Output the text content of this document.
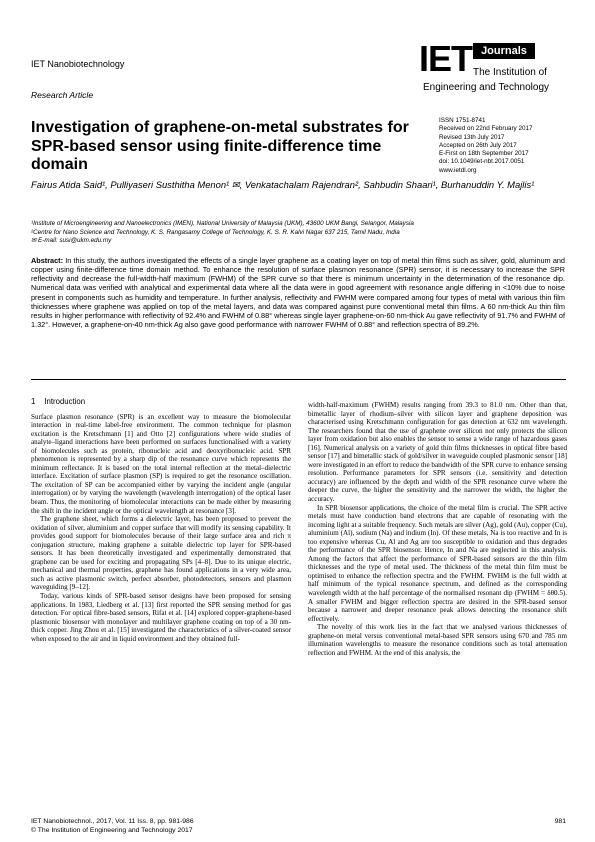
IET Nanobiotechnology
Research Article
IET Journals
The Institution of
Engineering and Technology
Investigation of graphene-on-metal substrates for SPR-based sensor using finite-difference time domain
ISSN 1751-8741
Received on 22nd February 2017
Revised 13th July 2017
Accepted on 26th July 2017
E-First on 18th September 2017
doi: 10.1049/iet-nbt.2017.0051
www.ietdl.org
Fairus Atida Said¹, Pulliyaseri Susthitha Menon¹ ✉, Venkatachalam Rajendran², Sahbudin Shaari¹, Burhanuddin Y. Majlis¹
¹Institute of Microengineering and Nanoelectronics (IMEN), National University of Malaysia (UKM), 43600 UKM Bangi, Selangor, Malaysia
²Centre for Nano Science and Technology, K. S. Rangasamy College of Technology, K. S. R. Kalvi Nagar 637 215, Tamil Nadu, India
✉ E-mail: susi@ukm.edu.my
Abstract: In this study, the authors investigated the effects of a single layer graphene as a coating layer on top of metal thin films such as silver, gold, aluminum and copper using finite-difference time domain method. To enhance the resolution of surface plasmon resonance (SPR) sensor, it is necessary to increase the SPR reflectivity and decrease the full-width-half maximum (FWHM) of the SPR curve so that there is minimum uncertainty in the determination of the resonance dip. Numerical data was verified with analytical and experimental data where all the data were in good agreement with resonance angle differing in <10% due to noise present in components such as humidity and temperature. In further analysis, reflectivity and FWHM were compared among four types of metal with various thin film thicknesses where graphene was applied on top of the metal layers, and data was compared against pure conventional metal thin films. A 60 nm-thick Au thin film results in higher performance with reflectivity of 92.4% and FWHM of 0.88° whereas single layer graphene-on-60 nm-thick Au gave reflectivity of 91.7% and FWHM of 1.32°. However, a graphene-on-40 nm-thick Ag also gave good performance with narrower FWHM of 0.88° and reflection spectra of 89.2%.
1 Introduction

Surface plasmon resonance (SPR) is an excellent way to measure the biomolecular interaction in real-time label-free environment. The common technique for plasmon excitation is the Kretschmann [1] and Otto [2] configurations where wide studies of analyte–ligand interactions have been performed on surfaces functionalised with a variety of biomolecules such as protein, ribonucleic acid and deoxyribonucleic acid. SPR phenomenon is represented by a sharp dip of the resonance curve which represents the minimum reflectance. It is based on the total internal reflection at the metal–dielectric interface. Excitation of surface plasmon (SP) is required to get the resonance oscillation. The excitation of SP can be accompanied either by varying the incident angle (angular interrogation) or by varying the wavelength (wavelength interrogation) of the optical laser beam. Thus, the monitoring of biomolecular interactions can be made either by measuring the shift in the incident angle or the optical wavelength at resonance [3].

The graphene sheet, which forms a dielectric layer, has been proposed to prevent the oxidation of silver, aluminium and copper surface that will modify its sensing capability. It provides good support for biomolecules because of their large surface area and rich π conjugation structure, making graphene a suitable dielectric top layer for SPR-based sensors. It has been theoretically investigated and experimentally demonstrated that graphene can be used for exciting and propagating SPs [4–8]. Due to its unique electric, mechanical and thermal properties, graphene has found applications in a very wide area, such as active plasmonic switch, perfect absorber, photodetectors, sensors and plasmon waveguiding [9–12].

Today, various kinds of SPR-based sensor designs have been proposed for sensing applications. In 1983, Liedberg et al. [13] first reported the SPR sensing method for gas detection. For optical fibre-based sensors, Rifat et al. [14] explored copper-graphene-based plasmonic biosensor with monolayer and multilayer graphene coating on top of a 30 nm-thick copper. Jing Zhou et al. [15] investigated the characteristics of a silver-coated sensor when exposed to the air and in liquid environment and they obtained full-

width-half-maximum (FWHM) results ranging from 39.3 to 81.0 nm. Other than that, bimetallic layer of rhodium–silver with silicon layer and graphene deposition was characterised using Kretschmann configuration for gas detection at 632 nm wavelength. The researchers found that the use of graphene over silicon not only protects the silicon layer from oxidation but also enables the sensor to sense a wide range of hazardous gases [16]. Numerical analysis on a variety of gold thin films thicknesses in optical fibre based sensor [17] and bimetallic stack of gold/silver in waveguide coupled plasmonic sensor [18] were investigated in an effort to reduce the bandwidth of the SPR curve to enhance sensing resolution. Performance parameters for SPR sensors (i.e. sensitivity and detection accuracy) are influenced by the depth and width of the SPR resonance curve where the deeper the curve, the higher the sensitivity and the narrower the width, the higher the accuracy.

In SPR biosensor applications, the choice of the metal film is crucial. The SPR active metals must have conduction band electrons that are capable of resonating with the incoming light at a suitable frequency. Such metals are silver (Ag), gold (Au), copper (Cu), aluminium (Al), sodium (Na) and indium (In). Of these metals, Na is too reactive and In is too expensive whereas Cu, Al and Ag are too susceptible to oxidation and thus degrades the performance of the SPR biosensor. Hence, In and Na are neglected in this analysis. Among the factors that affect the performance of SPR-based sensors are the thin film thicknesses and the type of metal used. The thickness of the metal thin film must be optimised to enhance the reflection spectra and the FWHM. FWHM is the full width at half minimum of the typical resonance spectrum, and defined as the corresponding wavelength width at the half percentage of the normalised resonant dip (FWHM = δθ0.5). A smaller FWHM and bigger reflection spectra are desired in the SPR-based sensor because a narrower and deeper resonance peak allows detecting the resonance shift effectively.

The novelty of this work lies in the fact that we analysed various thicknesses of graphene-on metal versus conventional metal-based SPR sensors using 670 and 785 nm illumination wavelengths to measure the resonance conditions such as total attenuation reflection and FWHM. At the end of this analysis, the

IET Nanobiotechnol., 2017, Vol. 11 Iss. 8, pp. 981-986
© The Institution of Engineering and Technology 2017
981
